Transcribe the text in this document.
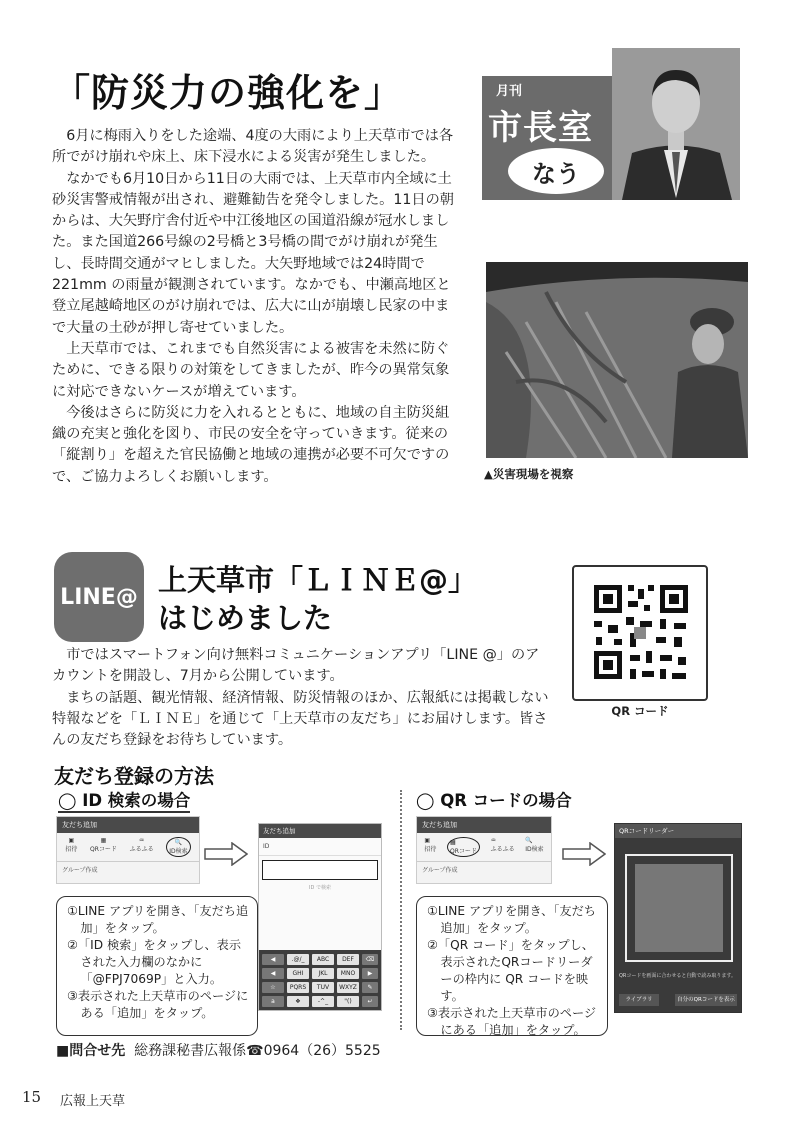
「防災力の強化を」

6月に梅雨入りをした途端、4度の大雨により上天草市では各所でがけ崩れや床上、床下浸水による災害が発生しました。

なかでも6月10日から11日の大雨では、上天草市内全域に土砂災害警戒情報が出され、避難勧告を発令しました。11日の朝からは、大矢野庁舎付近や中江後地区の国道沿線が冠水しました。また国道266号線の2号橋と3号橋の間でがけ崩れが発生し、長時間交通がマヒしました。大矢野地域では24時間で221mm の雨量が観測されています。なかでも、中瀬高地区と登立尾越崎地区のがけ崩れでは、広大に山が崩壊し民家の中まで大量の土砂が押し寄せていました。

上天草市では、これまでも自然災害による被害を未然に防ぐために、できる限りの対策をしてきましたが、昨今の異常気象に対応できないケースが増えています。

今後はさらに防災に力を入れるとともに、地域の自主防災組織の充実と強化を図り、市民の安全を守っていきます。従来の「縦割り」を超えた官民協働と地域の連携が必要不可欠ですので、ご協力よろしくお願いします。

月刊
市長室
なう
▲災害現場を視察
LINE@ 上天草市「ＬＩＮＥ@」
はじめました
QR コード

市ではスマートフォン向け無料コミュニケーションアプリ「LINE @」のアカウントを開設し、7月から公開しています。

まちの話題、観光情報、経済情報、防災情報のほか、広報紙には掲載しない特報などを「ＬＩＮＥ」を通じて「上天草市の友だち」にお届けします。皆さんの友だち登録をお待ちしています。

友だち登録の方法
◯ ID 検索の場合	◯ QR コードの場合
友だち追加
▣
招待
▦
QRコード
♒
ふるふる
🔍
ID検索
グループ作成
友だち追加
ID
ID で検索
◀	.@/_	ABC	DEF	⌫
◀	GHI	JKL	MNO	▶
☆	PQRS	TUV	WXYZ	✎
a	❖	-^_	"()	↵
友だち追加
▣
招待
▦
QRコード
♒
ふるふる
🔍
ID検索
グループ作成
QRコードリーダー
QRコードを画面に合わせると自動で読み取ります。
ライブラリ	自分のQRコードを表示
①LINE アプリを開き、「友だち追加」をタップ。
②「ID 検索」をタップし、表示された入力欄のなかに「@FPJ7069P」と入力。
③表示された上天草市のページにある「追加」をタップ。
①LINE アプリを開き、「友だち追加」をタップ。
②「QR コード」をタップし、表示されたQRコードリーダーの枠内に QR コードを映す。
③表示された上天草市のページにある「追加」をタップ。
■問合せ先 総務課秘書広報係☎0964（26）5525
15 広報上天草
